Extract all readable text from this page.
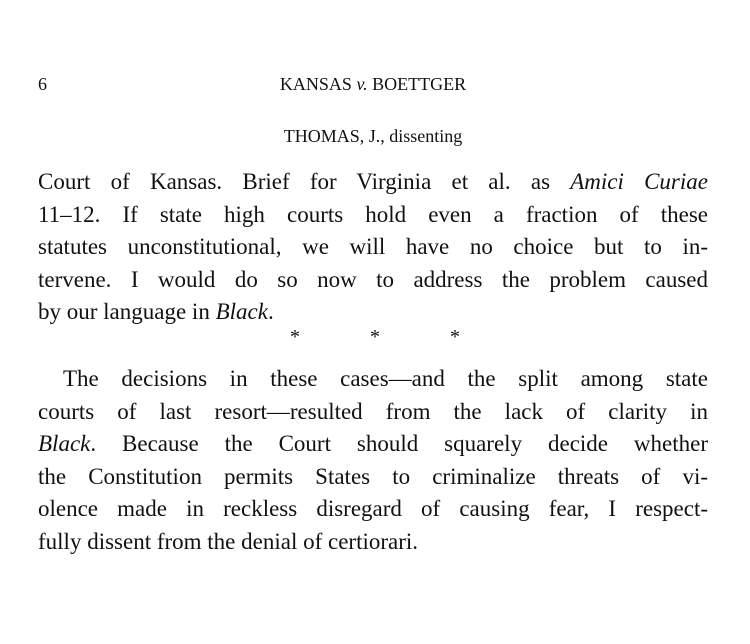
6	KANSAS v. BOETTGER
THOMAS, J., dissenting
Court of Kansas. Brief for Virginia et al. as Amici Curiae
11–12. If state high courts hold even a fraction of these
statutes unconstitutional, we will have no choice but to in-
tervene. I would do so now to address the problem caused
by our language in Black.
*	*	*
The decisions in these cases—and the split among state
courts of last resort—resulted from the lack of clarity in
Black. Because the Court should squarely decide whether
the Constitution permits States to criminalize threats of vi-
olence made in reckless disregard of causing fear, I respect-
fully dissent from the denial of certiorari.
